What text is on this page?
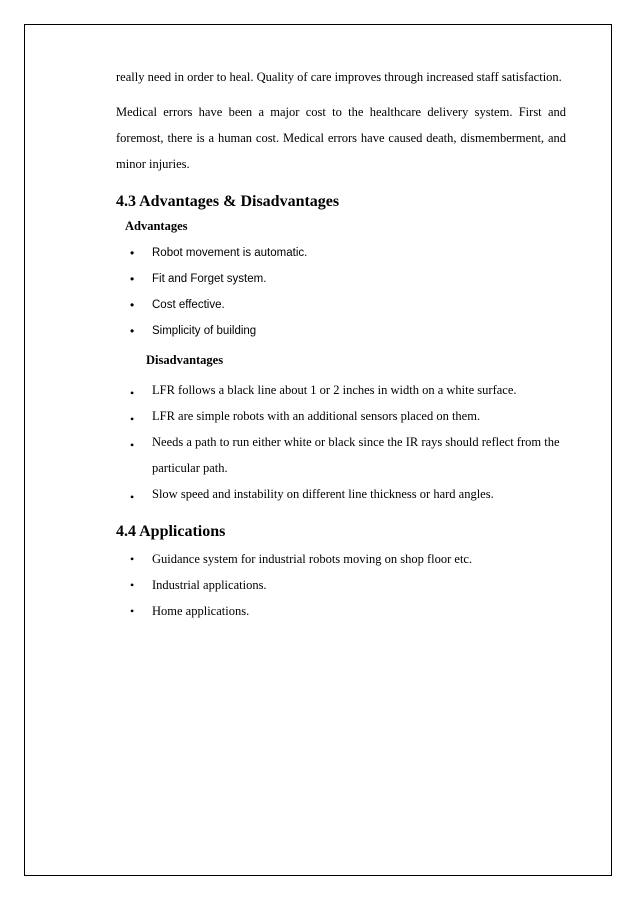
really need in order to heal. Quality of care improves through increased staff satisfaction.

Medical errors have been a major cost to the healthcare delivery system. First and foremost, there is a human cost. Medical errors have caused death, dismemberment, and minor injuries.

4.3 Advantages & Disadvantages
Advantages
• Robot movement is automatic.
• Fit and Forget system.
• Cost effective.
• Simplicity of building
Disadvantages
• LFR follows a black line about 1 or 2 inches in width on a white surface.
• LFR are simple robots with an additional sensors placed on them.
• Needs a path to run either white or black since the IR rays should reflect from the particular path.
• Slow speed and instability on different line thickness or hard angles.
4.4 Applications
• Guidance system for industrial robots moving on shop floor etc.
• Industrial applications.
• Home applications.
